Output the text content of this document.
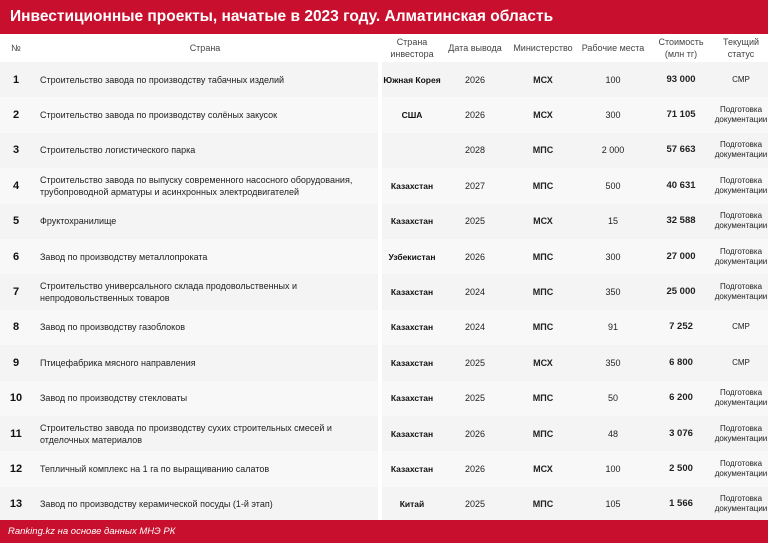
Инвестиционные проекты, начатые в 2023 году. Алматинская область
№	Страна		Страна инвестора	Дата вывода	Министерство	Рабочие места	Стоимость (млн тг)	Текущий статус
1	Строительство завода по производству табачных изделий		Южная Корея	2026	МСХ	100	93 000	СМР
2	Строительство завода по производству солёных закусок		США	2026	МСХ	300	71 105	Подготовка документации
3	Строительство логистического парка			2028	МПС	2 000	57 663	Подготовка документации
4	Строительство завода по выпуску современного насосного оборудования, трубопроводной арматуры и асинхронных электродвигателей		Казахстан	2027	МПС	500	40 631	Подготовка документации
5	Фруктохранилище		Казахстан	2025	МСХ	15	32 588	Подготовка документации
6	Завод по производству металлопроката		Узбекистан	2026	МПС	300	27 000	Подготовка документации
7	Строительство универсального склада продовольственных и непродовольственных товаров		Казахстан	2024	МПС	350	25 000	Подготовка документации
8	Завод по производству газоблоков		Казахстан	2024	МПС	91	7 252	СМР
9	Птицефабрика мясного направления		Казахстан	2025	МСХ	350	6 800	СМР
10	Завод по производству стекловаты		Казахстан	2025	МПС	50	6 200	Подготовка документации
11	Строительство завода по производству сухих строительных смесей и отделочных материалов		Казахстан	2026	МПС	48	3 076	Подготовка документации
12	Тепличный комплекс на 1 га по выращиванию салатов		Казахстан	2026	МСХ	100	2 500	Подготовка документации
13	Завод по производству керамической посуды (1-й этап)		Китай	2025	МПС	105	1 566	Подготовка документации
Ranking.kz на основе данных МНЭ РК
